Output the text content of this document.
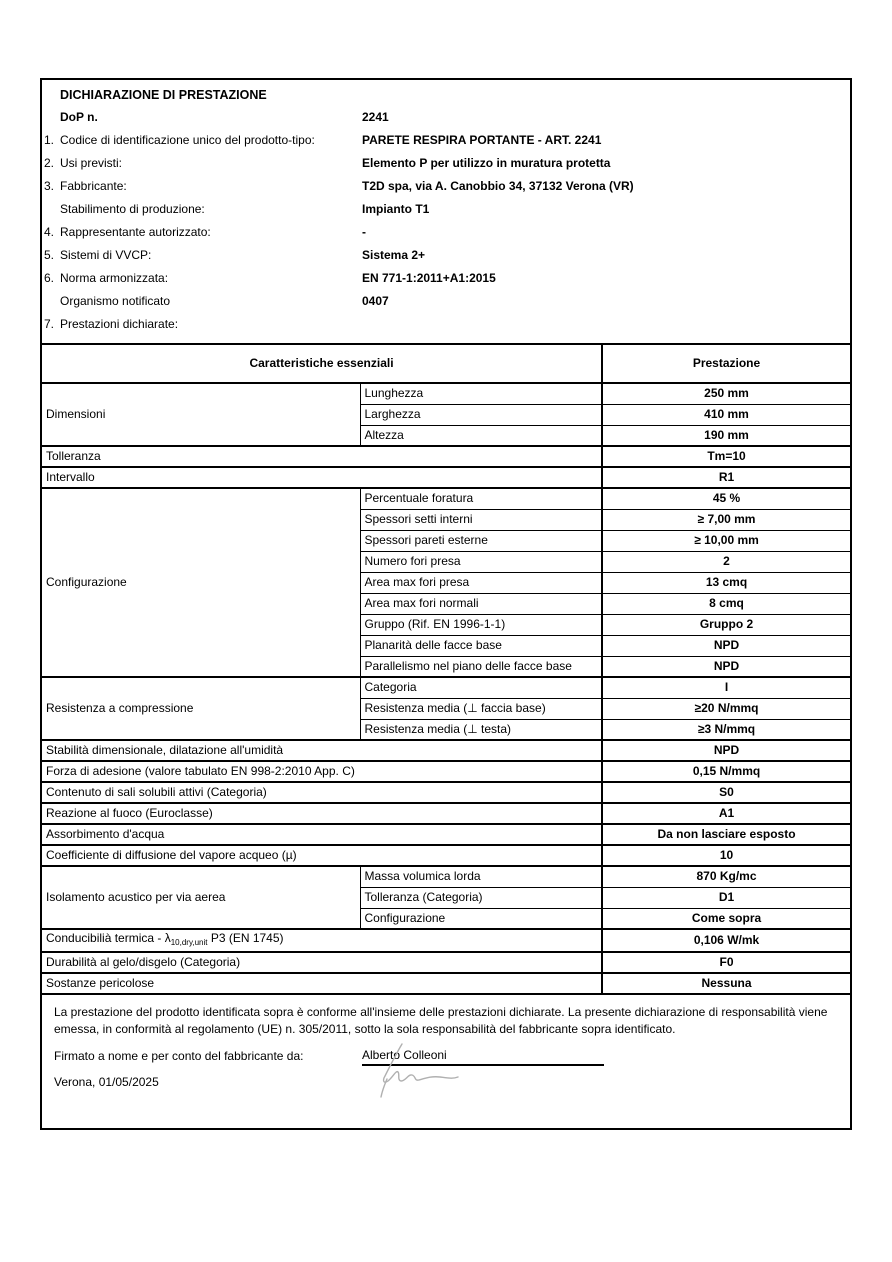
DICHIARAZIONE DI PRESTAZIONE
DoP n.	2241
1. Codice di identificazione unico del prodotto-tipo:	PARETE RESPIRA PORTANTE - ART. 2241
2. Usi previsti:	Elemento P per utilizzo in muratura protetta
3. Fabbricante:	T2D spa, via A. Canobbio 34, 37132 Verona (VR)
Stabilimento di produzione:	Impianto T1
4. Rappresentante autorizzato:	-
5. Sistemi di VVCP:	Sistema 2+
6. Norma armonizzata:	EN 771-1:2011+A1:2015
Organismo notificato	0407
7. Prestazioni dichiarate:
Caratteristiche essenziali		Prestazione
Dimensioni	Lunghezza	250 mm
	Larghezza	410 mm
	Altezza	190 mm
Tolleranza		Tm=10
Intervallo		R1
Configurazione	Percentuale foratura	45 %
	Spessori setti interni	≥ 7,00 mm
	Spessori pareti esterne	≥ 10,00 mm
	Numero fori presa	2
	Area max fori presa	13 cmq
	Area max fori normali	8 cmq
	Gruppo (Rif. EN 1996-1-1)	Gruppo 2
	Planarità delle facce base	NPD
	Parallelismo nel piano delle facce base	NPD
Resistenza a compressione	Categoria	I
	Resistenza media (⊥ faccia base)	≥20 N/mmq
	Resistenza media (⊥ testa)	≥3 N/mmq
Stabilità dimensionale, dilatazione all'umidità		NPD
Forza di adesione (valore tabulato EN 998-2:2010 App. C)		0,15 N/mmq
Contenuto di sali solubili attivi (Categoria)		S0
Reazione al fuoco (Euroclasse)		A1
Assorbimento d'acqua		Da non lasciare esposto
Coefficiente di diffusione del vapore acqueo (µ)		10
Isolamento acustico per via aerea	Massa volumica lorda	870 Kg/mc
	Tolleranza (Categoria)	D1
	Configurazione	Come sopra
Conducibilià termica - $\lambda_{10,dry,unit}$ P3 (EN 1745)		0,106 W/mk
Durabilità al gelo/disgelo (Categoria)		F0
Sostanze pericolose		Nessuna

La prestazione del prodotto identificata sopra è conforme all'insieme delle prestazioni dichiarate. La presente dichiarazione di responsabilità viene emessa, in conformità al regolamento (UE) n. 305/2011, sotto la sola responsabilità del fabbricante sopra identificato.

Firmato a nome e per conto del fabbricante da:	Alberto Colleoni
Verona, 01/05/2025
